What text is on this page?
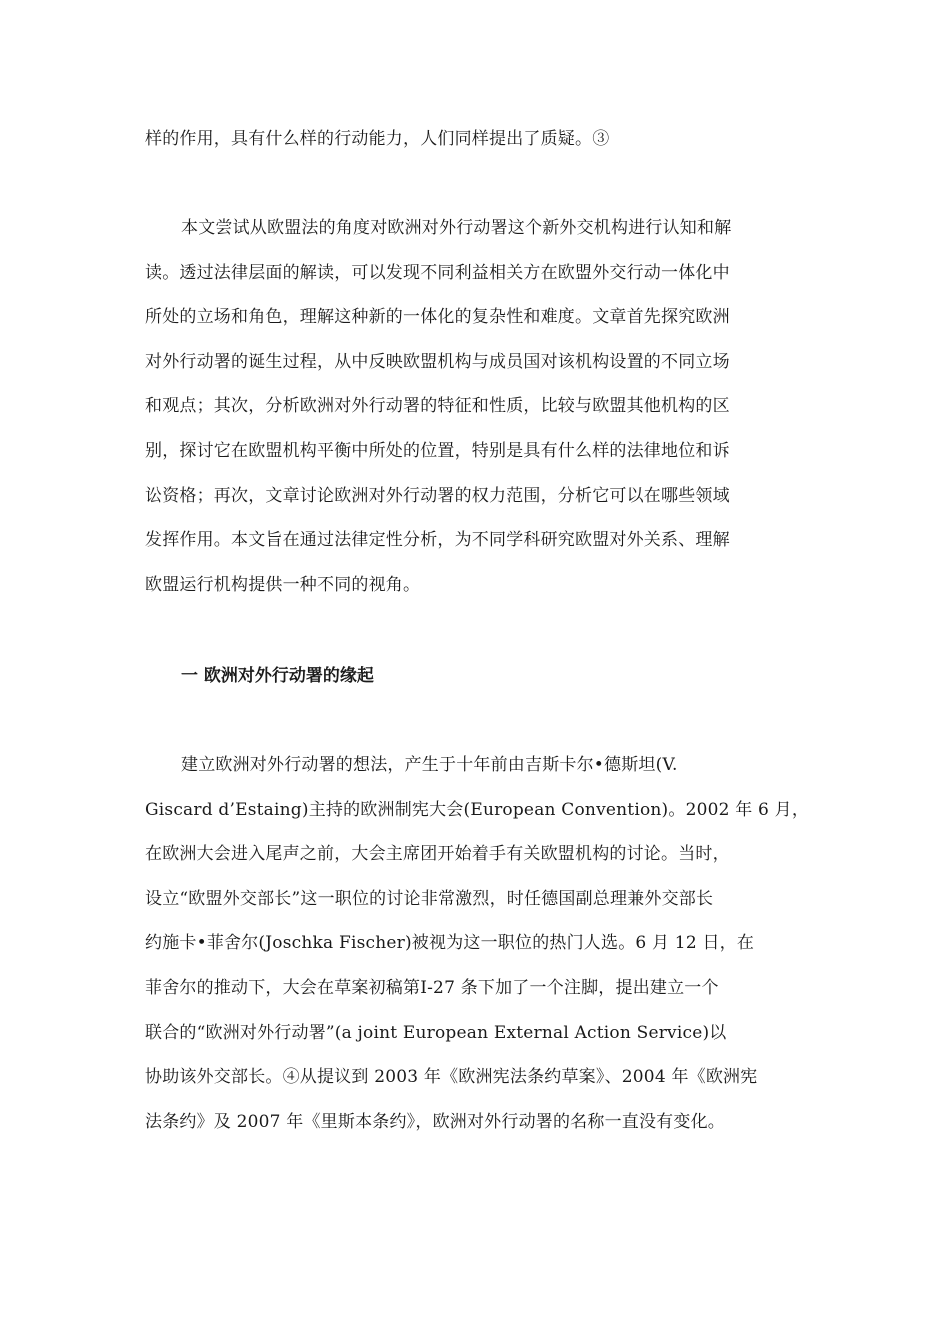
样的作用，具有什么样的行动能力，人们同样提出了质疑。③
本文尝试从欧盟法的角度对欧洲对外行动署这个新外交机构进行认知和解
读。透过法律层面的解读，可以发现不同利益相关方在欧盟外交行动一体化中
所处的立场和角色，理解这种新的一体化的复杂性和难度。文章首先探究欧洲
对外行动署的诞生过程，从中反映欧盟机构与成员国对该机构设置的不同立场
和观点；其次，分析欧洲对外行动署的特征和性质，比较与欧盟其他机构的区
别，探讨它在欧盟机构平衡中所处的位置，特别是具有什么样的法律地位和诉
讼资格；再次，文章讨论欧洲对外行动署的权力范围，分析它可以在哪些领域
发挥作用。本文旨在通过法律定性分析，为不同学科研究欧盟对外关系、理解
欧盟运行机构提供一种不同的视角。
一 欧洲对外行动署的缘起
建立欧洲对外行动署的想法，产生于十年前由吉斯卡尔•德斯坦(V.
Giscard d’Estaing)主持的欧洲制宪大会(European Convention)。2002 年 6 月，
在欧洲大会进入尾声之前，大会主席团开始着手有关欧盟机构的讨论。当时，
设立“欧盟外交部长”这一职位的讨论非常激烈，时任德国副总理兼外交部长
约施卡•菲舍尔(Joschka Fischer)被视为这一职位的热门人选。6 月 12 日，在
菲舍尔的推动下，大会在草案初稿第Ⅰ-27 条下加了一个注脚，提出建立一个
联合的“欧洲对外行动署”(a joint European External Action Service)以
协助该外交部长。④从提议到 2003 年《欧洲宪法条约草案》、2004 年《欧洲宪
法条约》及 2007 年《里斯本条约》，欧洲对外行动署的名称一直没有变化。
